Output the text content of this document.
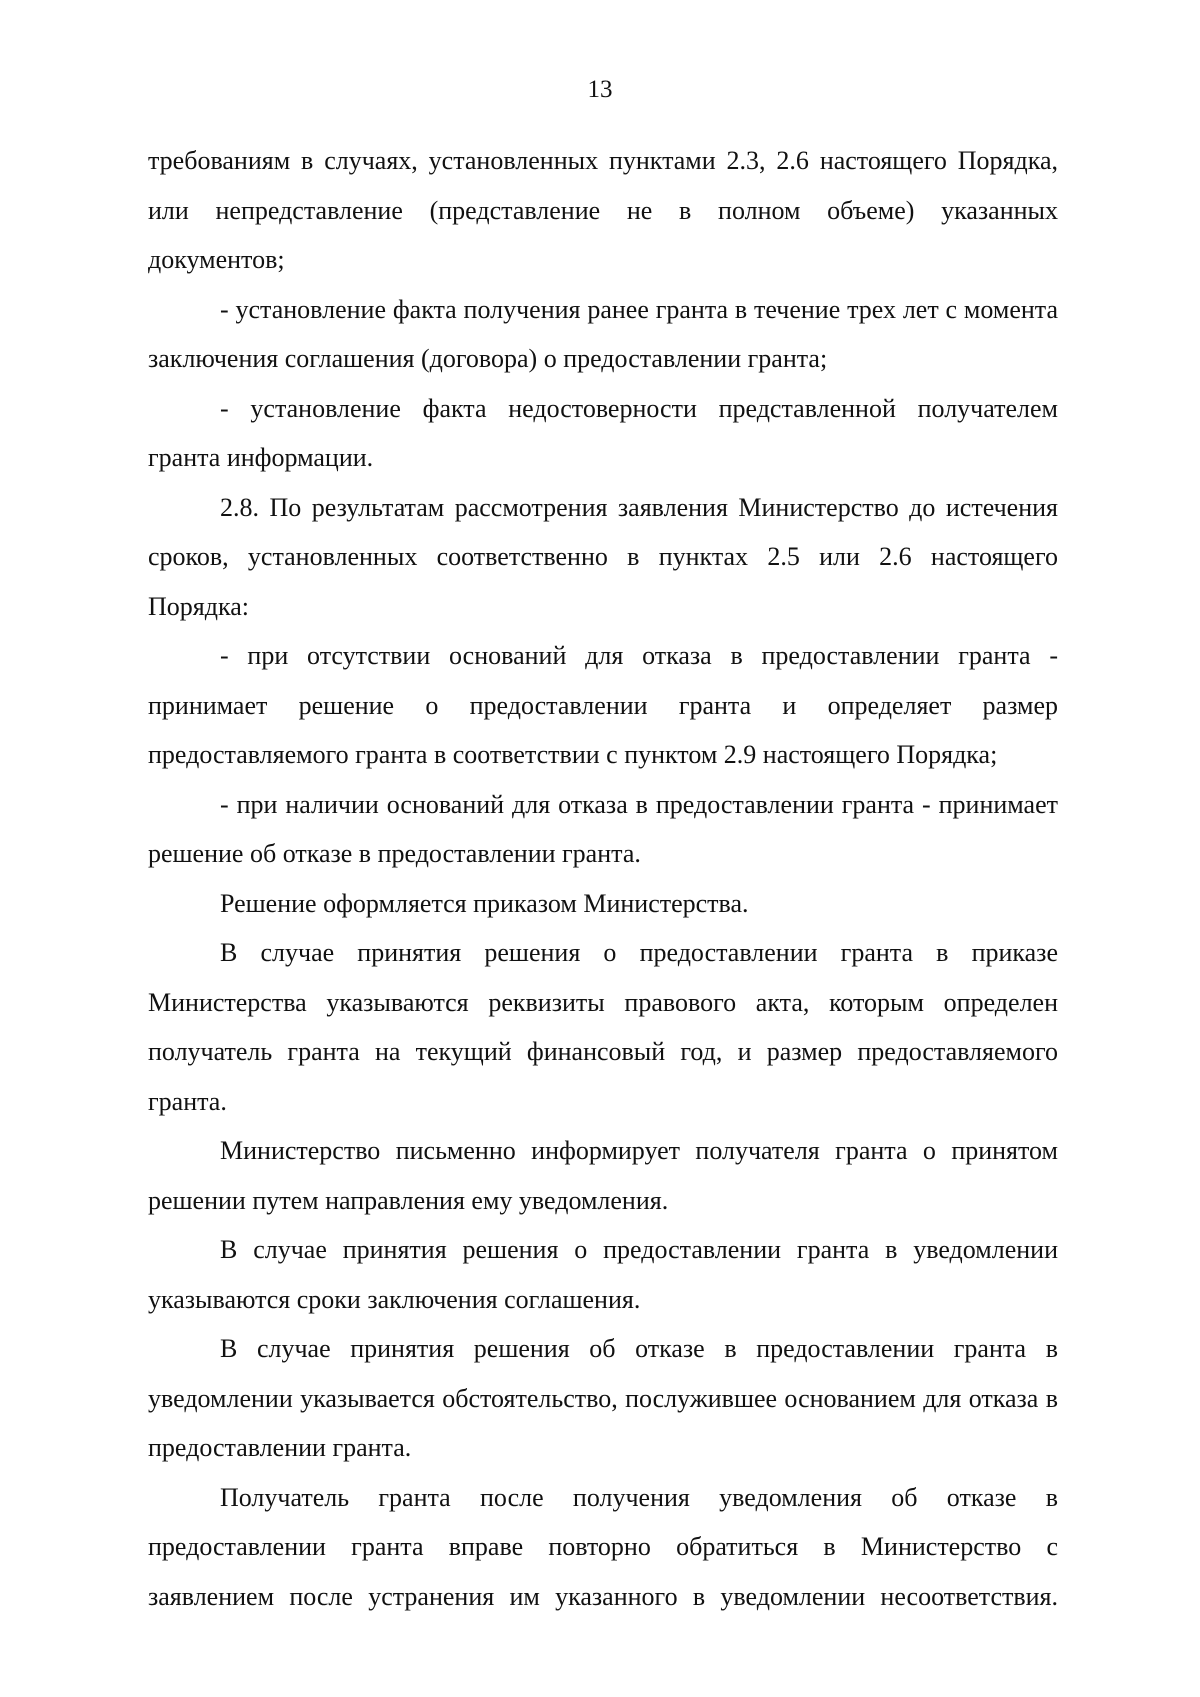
13

требованиям в случаях, установленных пунктами 2.3, 2.6 настоящего Порядка, или непредставление (представление не в полном объеме) указанных документов;

- установление факта получения ранее гранта в течение трех лет с момента заключения соглашения (договора) о предоставлении гранта;

- установление факта недостоверности представленной получателем гранта информации.

2.8. По результатам рассмотрения заявления Министерство до истечения сроков, установленных соответственно в пунктах 2.5 или 2.6 настоящего Порядка:

- при отсутствии оснований для отказа в предоставлении гранта - принимает решение о предоставлении гранта и определяет размер предоставляемого гранта в соответствии с пунктом 2.9 настоящего Порядка;

- при наличии оснований для отказа в предоставлении гранта - принимает решение об отказе в предоставлении гранта.

Решение оформляется приказом Министерства.

В случае принятия решения о предоставлении гранта в приказе Министерства указываются реквизиты правового акта, которым определен получатель гранта на текущий финансовый год, и размер предоставляемого гранта.

Министерство письменно информирует получателя гранта о принятом решении путем направления ему уведомления.

В случае принятия решения о предоставлении гранта в уведомлении указываются сроки заключения соглашения.

В случае принятия решения об отказе в предоставлении гранта в уведомлении указывается обстоятельство, послужившее основанием для отказа в предоставлении гранта.

Получатель гранта после получения уведомления об отказе в предоставлении гранта вправе повторно обратиться в Министерство с заявлением после устранения им указанного в уведомлении несоответствия.
